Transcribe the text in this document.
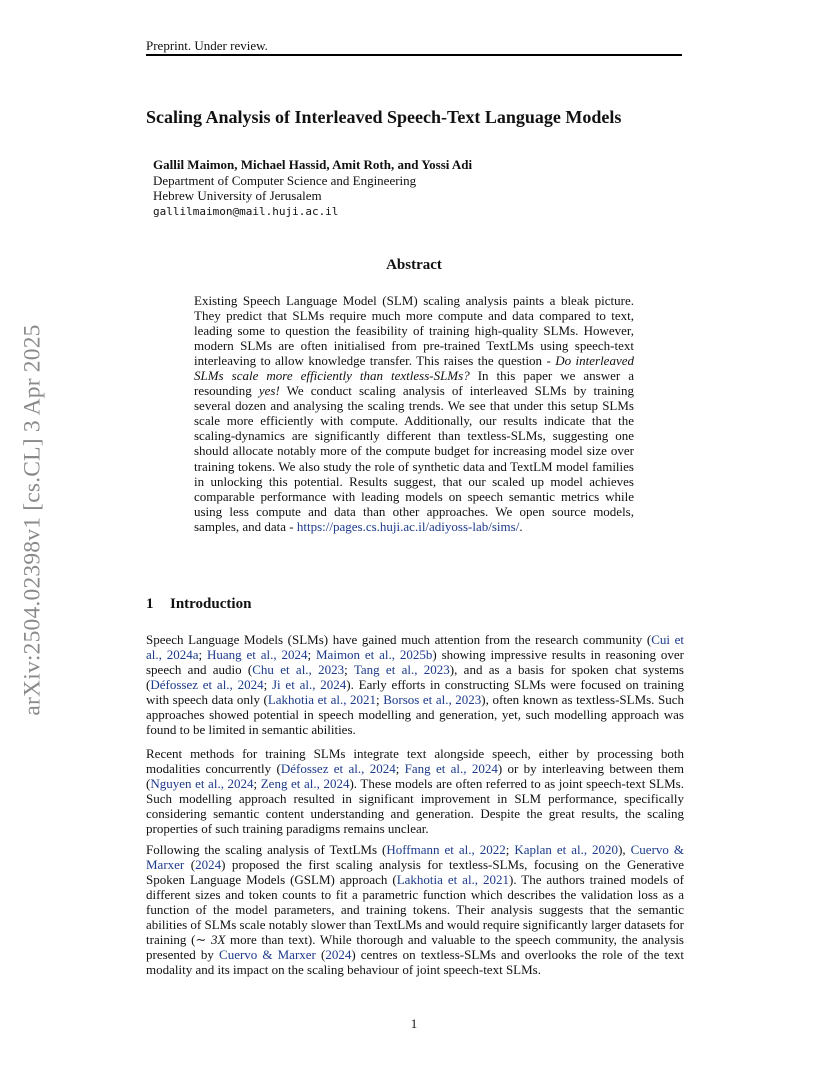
arXiv:2504.02398v1 [cs.CL] 3 Apr 2025
Preprint. Under review.
Scaling Analysis of Interleaved Speech-Text Language Models
Gallil Maimon, Michael Hassid, Amit Roth, and Yossi Adi
Department of Computer Science and Engineering
Hebrew University of Jerusalem
gallilmaimon@mail.huji.ac.il
Abstract
Existing Speech Language Model (SLM) scaling analysis paints a bleak picture. They predict that SLMs require much more compute and data compared to text, leading some to question the feasibility of training high-quality SLMs. However, modern SLMs are often initialised from pre-trained TextLMs using speech-text interleaving to allow knowledge transfer. This raises the question - Do interleaved SLMs scale more efficiently than textless-SLMs? In this paper we answer a resounding yes! We conduct scaling analysis of interleaved SLMs by training several dozen and analysing the scaling trends. We see that under this setup SLMs scale more efficiently with compute. Additionally, our results indicate that the scaling-dynamics are significantly different than textless-SLMs, suggesting one should allocate notably more of the compute budget for increasing model size over training tokens. We also study the role of synthetic data and TextLM model families in unlocking this potential. Results suggest, that our scaled up model achieves comparable performance with leading models on speech semantic metrics while using less compute and data than other approaches. We open source models, samples, and data - https://pages.cs.huji.ac.il/adiyoss-lab/sims/.
1 Introduction
Speech Language Models (SLMs) have gained much attention from the research community (Cui et al., 2024a; Huang et al., 2024; Maimon et al., 2025b) showing impressive results in reasoning over speech and audio (Chu et al., 2023; Tang et al., 2023), and as a basis for spoken chat systems (Défossez et al., 2024; Ji et al., 2024). Early efforts in constructing SLMs were focused on training with speech data only (Lakhotia et al., 2021; Borsos et al., 2023), often known as textless-SLMs. Such approaches showed potential in speech modelling and generation, yet, such modelling approach was found to be limited in semantic abilities.
Recent methods for training SLMs integrate text alongside speech, either by processing both modalities concurrently (Défossez et al., 2024; Fang et al., 2024) or by interleaving between them (Nguyen et al., 2024; Zeng et al., 2024). These models are often referred to as joint speech-text SLMs. Such modelling approach resulted in significant improvement in SLM performance, specifically considering semantic content understanding and generation. Despite the great results, the scaling properties of such training paradigms remains unclear.
Following the scaling analysis of TextLMs (Hoffmann et al., 2022; Kaplan et al., 2020), Cuervo & Marxer (2024) proposed the first scaling analysis for textless-SLMs, focusing on the Generative Spoken Language Models (GSLM) approach (Lakhotia et al., 2021). The authors trained models of different sizes and token counts to fit a parametric function which describes the validation loss as a function of the model parameters, and training tokens. Their analysis suggests that the semantic abilities of SLMs scale notably slower than TextLMs and would require significantly larger datasets for training (∼ 3X more than text). While thorough and valuable to the speech community, the analysis presented by Cuervo & Marxer (2024) centres on textless-SLMs and overlooks the role of the text modality and its impact on the scaling behaviour of joint speech-text SLMs.
1
